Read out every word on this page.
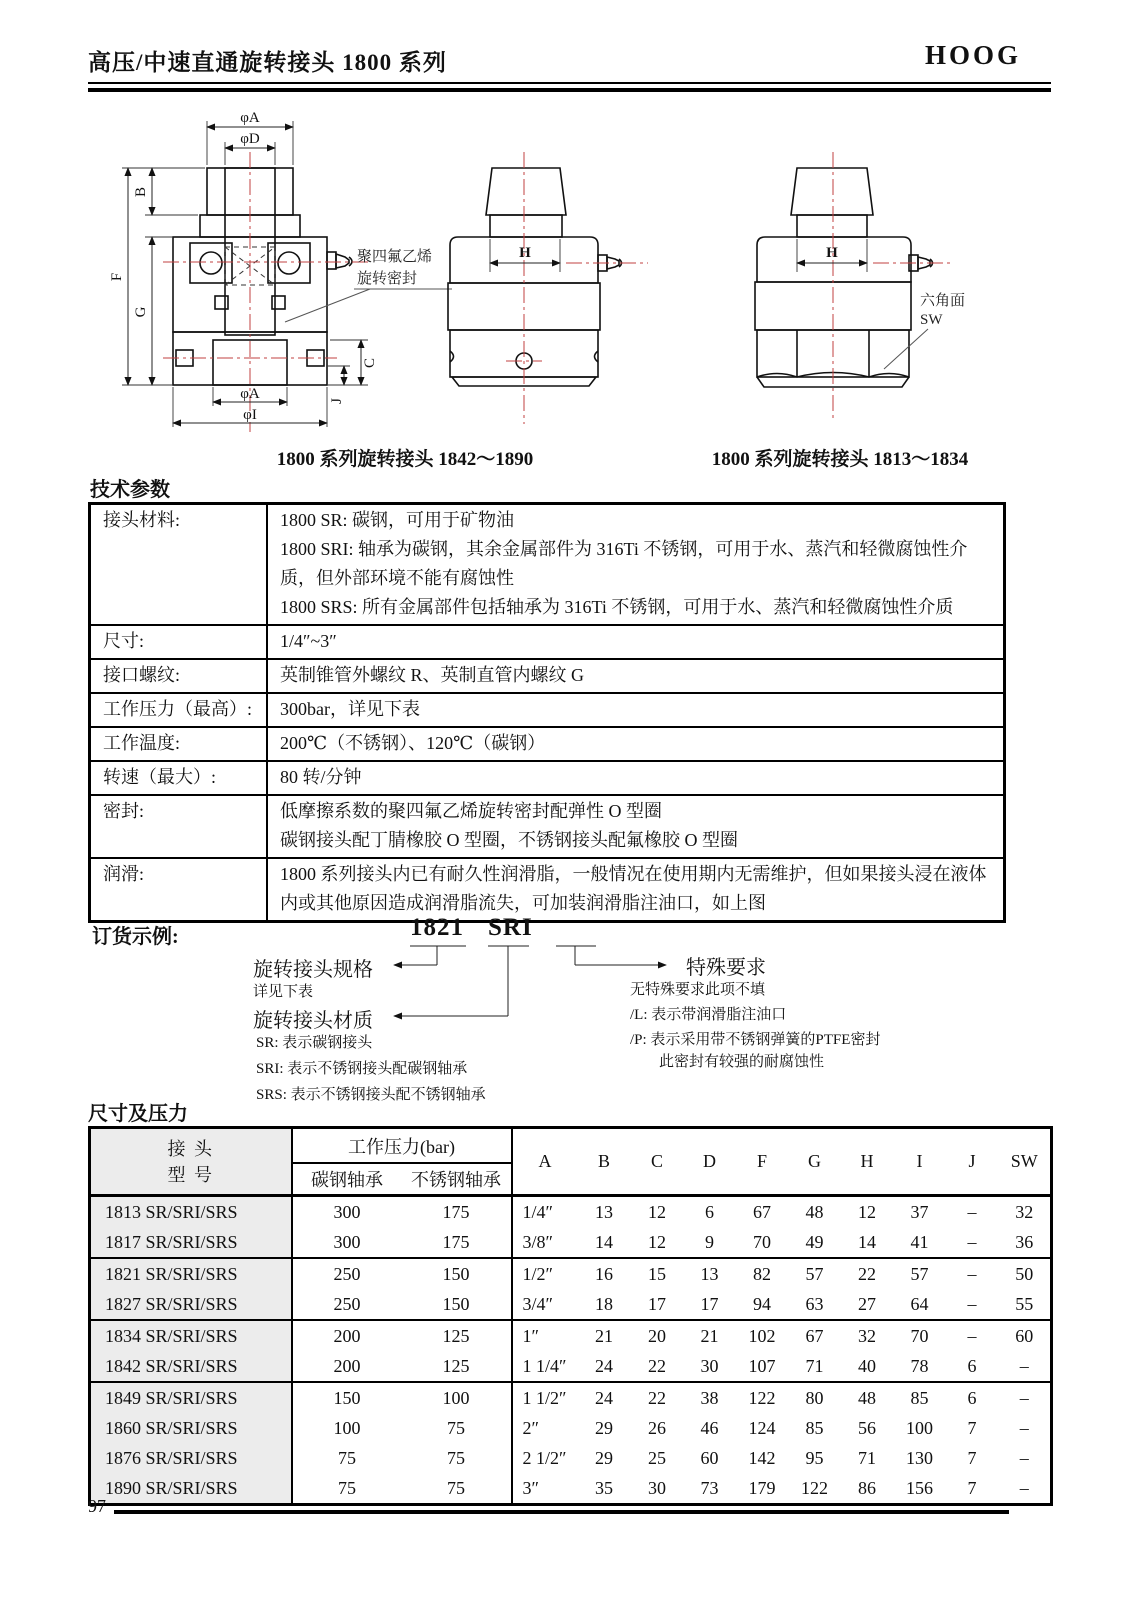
高压/中速直通旋转接头 1800 系列	HOOG
φA
φD
B
F
G
C
J
φA
φI
聚四氟乙烯
旋转密封
H	H
六角面
SW
1800 系列旋转接头 1842～1890	1800 系列旋转接头 1813～1834
技术参数
接头材料:	1800 SR: 碳钢，可用于矿物油
1800 SRI: 轴承为碳钢，其余金属部件为 316Ti 不锈钢，可用于水、蒸汽和轻微腐蚀性介质，但外部环境不能有腐蚀性
1800 SRS: 所有金属部件包括轴承为 316Ti 不锈钢，可用于水、蒸汽和轻微腐蚀性介质

尺寸:	1/4″~3″

接口螺纹:	英制锥管外螺纹 R、英制直管内螺纹 G

工作压力（最高）:	300bar，详见下表

工作温度:	200℃（不锈钢）、120℃（碳钢）

转速（最大）:	80 转/分钟

密封:	低摩擦系数的聚四氟乙烯旋转密封配弹性 O 型圈
碳钢接头配丁腈橡胶 O 型圈，不锈钢接头配氟橡胶 O 型圈

润滑:	1800 系列接头内已有耐久性润滑脂，一般情况在使用期内无需维护，但如果接头浸在液体内或其他原因造成润滑脂流失，可加装润滑脂注油口，如上图
订货示例:	1821 SRI
旋转接头规格
详见下表
旋转接头材质
SR: 表示碳钢接头
SRI: 表示不锈钢接头配碳钢轴承
SRS: 表示不锈钢接头配不锈钢轴承
特殊要求
无特殊要求此项不填
/L: 表示带润滑脂注油口
/P: 表示采用带不锈钢弹簧的PTFE密封
此密封有较强的耐腐蚀性
尺寸及压力
接 头
型 号	工作压力(bar)		A	B	C	D	F	G	H	I	J	SW
	碳钢轴承	不锈钢轴承										
1813 SR/SRI/SRS	300	175	1/4″	13	12	6	67	48	12	37	–	32
1817 SR/SRI/SRS	300	175	3/8″	14	12	9	70	49	14	41	–	36
1821 SR/SRI/SRS	250	150	1/2″	16	15	13	82	57	22	57	–	50
1827 SR/SRI/SRS	250	150	3/4″	18	17	17	94	63	27	64	–	55
1834 SR/SRI/SRS	200	125	1″	21	20	21	102	67	32	70	–	60
1842 SR/SRI/SRS	200	125	1 1/4″	24	22	30	107	71	40	78	6	–
1849 SR/SRI/SRS	150	100	1 1/2″	24	22	38	122	80	48	85	6	–
1860 SR/SRI/SRS	100	75	2″	29	26	46	124	85	56	100	7	–
1876 SR/SRI/SRS	75	75	2 1/2″	29	25	60	142	95	71	130	7	–
1890 SR/SRI/SRS	75	75	3″	35	30	73	179	122	86	156	7	–
97
